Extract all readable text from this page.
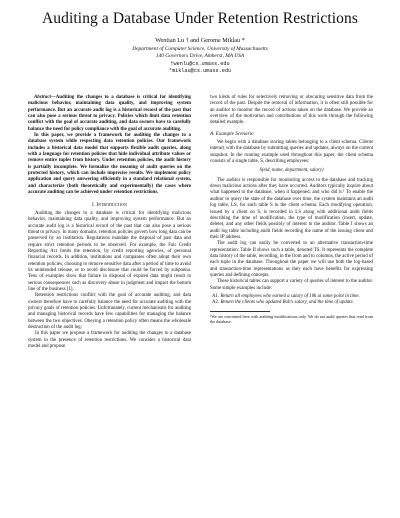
Auditing a Database Under Retention Restrictions
Wentian Lu † and Gerome Miklau *
Department of Computer Science, University of Massachusetts
140 Governors Drive, Amherst, MA USA
†wenlu@cs.umass.edu
*miklau@cs.umass.edu

Abstract—Auditing the changes to a database is critical for identifying malicious behavior, maintaining data quality, and improving system performance. But an accurate audit log is a historical record of the past that can also pose a serious threat to privacy. Policies which limit data retention conflict with the goal of accurate auditing, and data owners have to carefully balance the need for policy compliance with the goal of accurate auditing.

In this paper, we provide a framework for auditing the changes to a database system while respecting data retention policies. Our framework includes a historical data model that supports flexible audit queries, along with a language for retention policies that hide individual attribute values or remove entire tuples from history. Under retention policies, the audit history is partially incomplete. We formalize the meaning of audit queries on the protected history, which can include imprecise results. We implement policy application and query answering efficiently in a standard relational system, and characterize (both theoretically and experimentally) the cases where accurate auditing can be achieved under retention restrictions.

I. Introduction

Auditing the changes to a database is critical for identifying malicious behavior, maintaining data quality, and improving system performance. But an accurate audit log is a historical record of the past that can also pose a serious threat to privacy. In many domains, retention policies govern how long data can be preserved by an institution. Regulations mandate the disposal of past data and require strict retention periods to be observed. For example, the Fair Credit Reporting Act limits the retention, by credit reporting agencies, of personal financial records. In addition, institutions and companies often adopt their own retention policies, choosing to remove sensitive data after a period of time to avoid its unintended release, or to avoid disclosure that could be forced by subpoena. Tens of examples show that failure in disposal of expired data might result in serious consequences such as discovery abuse in judgment and impact the bottom line of the business [1].

Retention restrictions conflict with the goal of accurate auditing, and data owners therefore have to carefully balance the need for accurate auditing with the privacy goals of retention policies. Unfortunately, current mechanisms for auditing and managing historical records have few capabilities for managing the balance between the two objectives. Obeying a retention policy often means the wholesale destruction of the audit log.

In this paper we propose a framework for auditing the changes to a database system in the presence of retention restrictions. We consider a historical data model and propose

two kinds of rules for selectively removing or obscuring sensitive data from the record of the past. Despite the removal of information, it is often still possible for an auditor to monitor the record of actions taken on the database. We provide an overview of the motivation and contributions of this work through the following detailed example.

A. Example Scenario

We begin with a database storing tables belonging to a client schema. Clients interact with the database by submitting queries and updates, always on the current snapshot. In the running example used throughout this paper, the client schema consists of a single table, S, describing employees:

S(eid, name, department, salary)

The auditor is responsible for monitoring access to the database and tracking down malicious actions after they have occurred. Auditors typically inquire about what happened to the database, when it happened, and who did it.¹ To enable the auditor to query the state of the database over time, the system maintains an audit log table, LS, for each table S in the client schema. Each modifying operation, issued by a client on S, is recorded in LS along with additional audit fields describing the time of modification, the type of modification (insert, update, delete), and any other fields possibly of interest to the auditor. Table I shows an audit log table including audit fields recording the name of the issuing client and their IP address.

The audit log can easily be converted to an alternative transaction-time representation: Table II shows such a table, denoted TS. It represents the complete data history of the table, recording, in the from and to columns, the active period of each tuple in the database. Throughout the paper we will use both the log-based and transaction-time representations as they each have benefits for expressing queries and defining concepts.

These historical tables can support a variety of queries of interest to the auditor. Some simple examples include:

A1. Return all employees who earned a salary of 10k at some point in time.

A2. Return the clients who updated Bob's salary, and the time of update.

¹We are concerned here with auditing modifications only. We do not audit queries that read from the database.
